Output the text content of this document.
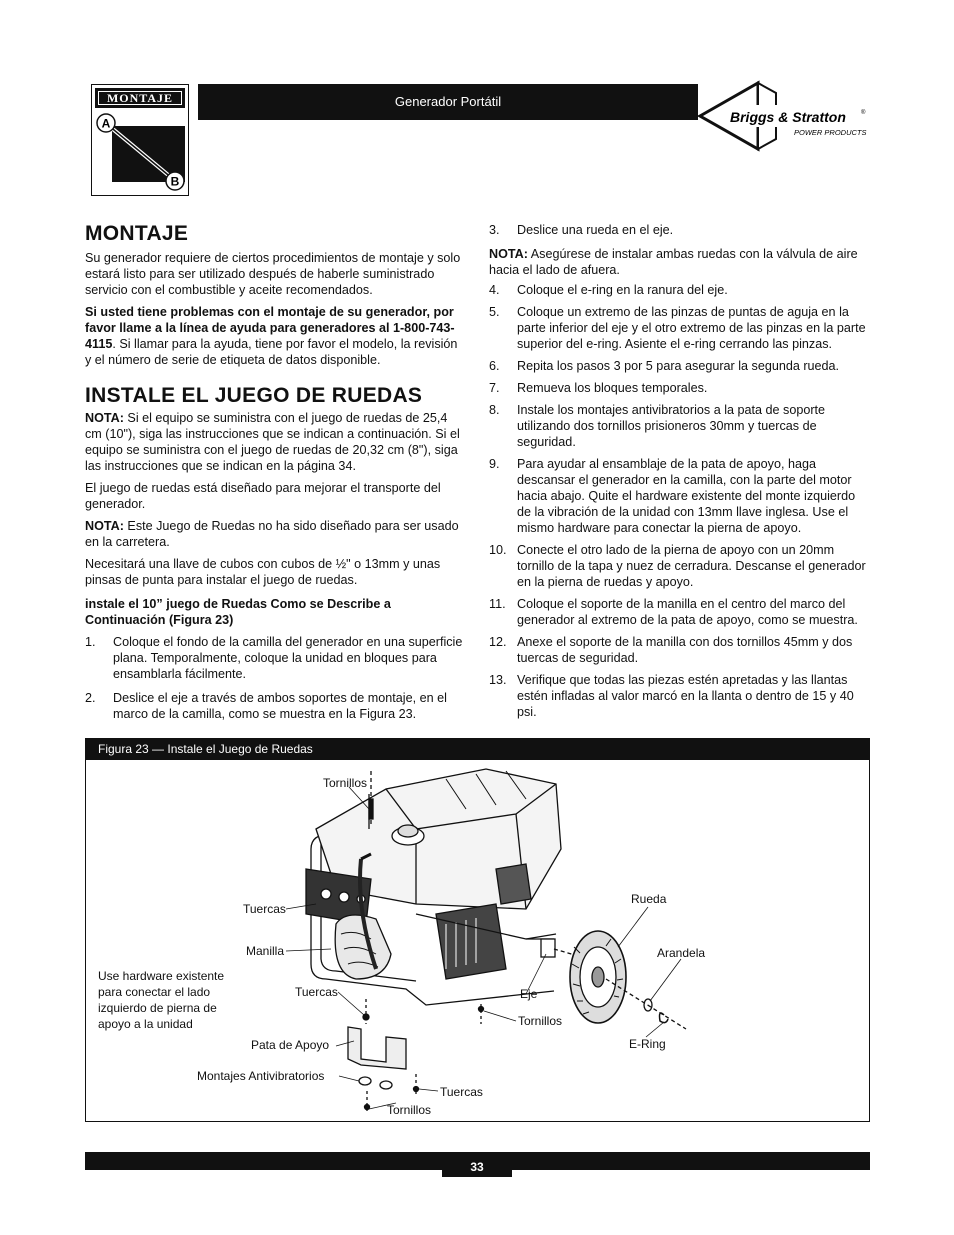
MONTAJE
A
B
Generador Portátil
Briggs & Stratton	®
POWER PRODUCTS
MONTAJE

Su generador requiere de ciertos procedimientos de montaje y solo estará listo para ser utilizado después de haberle suministrado servicio con el combustible y aceite recomendados.

Si usted tiene problemas con el montaje de su generador, por favor llame a la línea de ayuda para generadores al 1-800-743-4115. Si llamar para la ayuda, tiene por favor el modelo, la revisión y el número de serie de etiqueta de datos disponible.

INSTALE EL JUEGO DE RUEDAS

NOTA: Si el equipo se suministra con el juego de ruedas de 25,4 cm (10"), siga las instrucciones que se indican a continuación. Si el equipo se suministra con el juego de ruedas de 20,32 cm (8"), siga las instrucciones que se indican en la página 34.

El juego de ruedas está diseñado para mejorar el transporte del generador.

NOTA: Este Juego de Ruedas no ha sido diseñado para ser usado en la carretera.

Necesitará una llave de cubos con cubos de ½" o 13mm y unas pinsas de punta para instalar el juego de ruedas.

instale el 10” juego de Ruedas Como se Describe a Continuación (Figura 23)

1. Coloque el fondo de la camilla del generador en una superficie plana. Temporalmente, coloque la unidad en bloques para ensamblarla fácilmente.
2. Deslice el eje a través de ambos soportes de montaje, en el marco de la camilla, como se muestra en la Figura 23.
3. Deslice una rueda en el eje.

NOTA: Asegúrese de instalar ambas ruedas con la válvula de aire hacia el lado de afuera.

4. Coloque el e-ring en la ranura del eje.
5. Coloque un extremo de las pinzas de puntas de aguja en la parte inferior del eje y el otro extremo de las pinzas en la parte superior del e-ring. Asiente el e-ring cerrando las pinzas.
6. Repita los pasos 3 por 5 para asegurar la segunda rueda.
7. Remueva los bloques temporales.
8. Instale los montajes antivibratorios a la pata de soporte utilizando dos tornillos prisioneros 30mm y tuercas de seguridad.
9. Para ayudar al ensamblaje de la pata de apoyo, haga descansar el generador en la camilla, con la parte del motor hacia abajo. Quite el hardware existente del monte izquierdo de la vibración de la unidad con 13mm llave inglesa. Use el mismo hardware para conectar la pierna de apoyo.
10. Conecte el otro lado de la pierna de apoyo con un 20mm tornillo de la tapa y nuez de cerradura. Descanse el generador en la pierna de ruedas y apoyo.
11. Coloque el soporte de la manilla en el centro del marco del generador al extremo de la pata de apoyo, como se muestra.
12. Anexe el soporte de la manilla con dos tornillos 45mm y dos tuercas de seguridad.
13. Verifique que todas las piezas estén apretadas y las llantas estén infladas al valor marcó en la llanta o dentro de 15 y 40 psi.
Figura 23 — Instale el Juego de Ruedas
Tornillos
Tuercas
Manilla
Tuercas
Pata de Apoyo
Montajes Antivibratorios
Tornillos
Tuercas
Eje
Tornillos
Rueda
Arandela
E-Ring
Use hardware existente para conectar el lado izquierdo de pierna de apoyo a la unidad
33
